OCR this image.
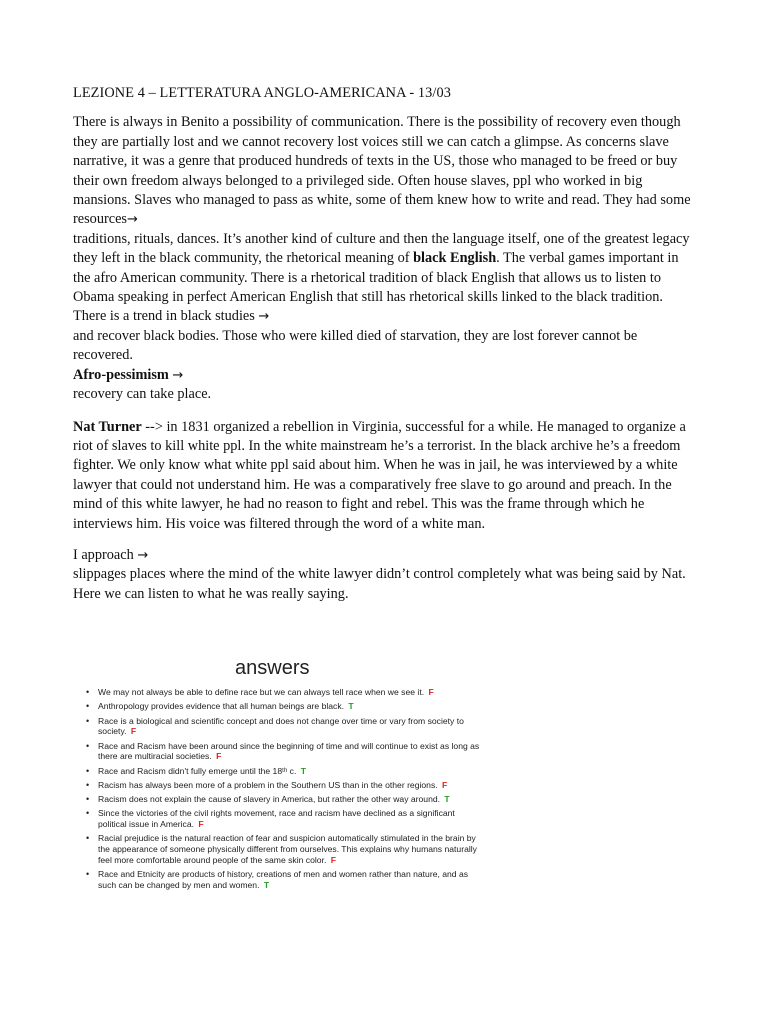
LEZIONE 4 – LETTERATURA ANGLO-AMERICANA - 13/03

There is always in Benito a possibility of communication. There is the possibility of recovery even though they are partially lost and we cannot recovery lost voices still we can catch a glimpse. As concerns slave narrative, it was a genre that produced hundreds of texts in the US, those who managed to be freed or buy their own freedom always belonged to a privileged side. Often house slaves, ppl who worked in big mansions. Slaves who managed to pass as white, some of them knew how to write and read. They had some resources→

traditions, rituals, dances. It’s another kind of culture and then the language itself, one of the greatest legacy they left in the black community, the rhetorical meaning of black English. The verbal games important in the afro American community. There is a rhetorical tradition of black English that allows us to listen to Obama speaking in perfect American English that still has rhetorical skills linked to the black tradition.

There is a trend in black studies →

and recover black bodies. Those who were killed died of starvation, they are lost forever cannot be recovered.

Afro-pessimism →

recovery can take place.

Nat Turner --> in 1831 organized a rebellion in Virginia, successful for a while. He managed to organize a riot of slaves to kill white ppl. In the white mainstream he’s a terrorist. In the black archive he’s a freedom fighter. We only know what white ppl said about him. When he was in jail, he was interviewed by a white lawyer that could not understand him. He was a comparatively free slave to go around and preach. In the mind of this white lawyer, he had no reason to fight and rebel. This was the frame through which he interviews him. His voice was filtered through the word of a white man.

I approach →

slippages places where the mind of the white lawyer didn’t control completely what was being said by Nat. Here we can listen to what he was really saying.

answers
• We may not always be able to define race but we can always tell race when we see it. F
• Anthropology provides evidence that all human beings are black. T
• Race is a biological and scientific concept and does not change over time or vary from society to society. F
• Race and Racism have been around since the beginning of time and will continue to exist as long as there are multiracial societies. F
• Race and Racism didn't fully emerge until the 18ᵗʰ c. T
• Racism has always been more of a problem in the Southern US than in the other regions. F
• Racism does not explain the cause of slavery in America, but rather the other way around. T
• Since the victories of the civil rights movement, race and racism have declined as a significant political issue in America. F
• Racial prejudice is the natural reaction of fear and suspicion automatically stimulated in the brain by the appearance of someone physically different from ourselves. This explains why humans naturally feel more comfortable around people of the same skin color. F
• Race and Etnicity are products of history, creations of men and women rather than nature, and as such can be changed by men and women. T
